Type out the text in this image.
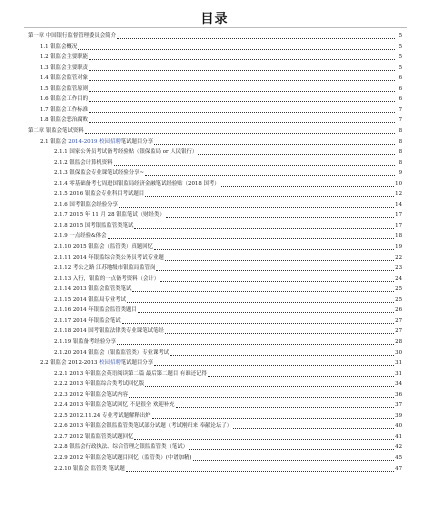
目录
第一章 中国银行监督管理委员会简介	5
1.1 银监会概况	5
1.2 银监会主要职能	5
1.3 银监会主要职责	5
1.4 银监会监管对象	6
1.5 银监会监管原则	6
1.6 银监会工作目的	6
1.7 银监会工作标准	7
1.8 银监会恶治腐败	7
第二章 银监会笔试资料	8
2.1 银监会 2014-2019 校园招聘笔试题目分享	8
2.1.1 国家公务员考试备考经验贴（银保监局 or 人民银行）	8
2.1.2 银监会计算机资料	8
2.1.3 银保监会专业课笔试经验分享~	9
2.1.4 零基础备考七周进国银监局经济金融笔试经验贴（2018 国考）	10
2.1.5 2016 银监会专业科目考试题目	12
2.1.6 国考银监会经验分享	14
2.1.7 2015 年 11 月 28 银监笔试（财经类）	17
2.1.8 2015 国考银监监管类笔试	17
2.1.9 一点经验&体会	18
2.1.10 2015 银监会（监管类）真题回忆	19
2.1.11 2014 年银监综合类公务员考试专业题	22
2.1.12 考公之路 江苏地级市银监局监管岗	23
2.1.13 入行，银监的一点备考资料（会计）	24
2.1.14 2013 银监会监管类笔试	25
2.1.15 2014 银监局专业考试	25
2.1.16 2014 年银监会监管类题目	26
2.1.17 2014 年银监会笔试	27
2.1.18 2014 国考银监法律类专业课笔试笔经	27
2.1.19 银监备考经验分享	28
2.1.20 2014 银监会（银监监管类）专业课考试	30
2.2 银监会 2012-2013 校园招聘笔试题目分享	31
2.2.1 2013 年银监会英语阅读第二篇 最后第二题目 有谁还记得	31
2.2.2 2013 年银监综合类考试回忆版	34
2.2.3 2012 年银监会笔试内容	36
2.2.4 2013 年银监会笔试回忆 不是很全 欢迎补充	37
2.2.5 2012.11.24 专业考试题解释出炉	39
2.2.6 2013 年银监会银监监管类笔试部分试题（考试刚归来 奉献论坛了）	40
2.2.7 2012 银监监管类试题回忆	41
2.2.8 银监会行政执法、综合管理之银监监管类（笔试）	42
2.2.9 2012 年银监会笔试题目回忆（监管类）(中谱加精)	45
2.2.10 银监会 监管类 笔试题	47
